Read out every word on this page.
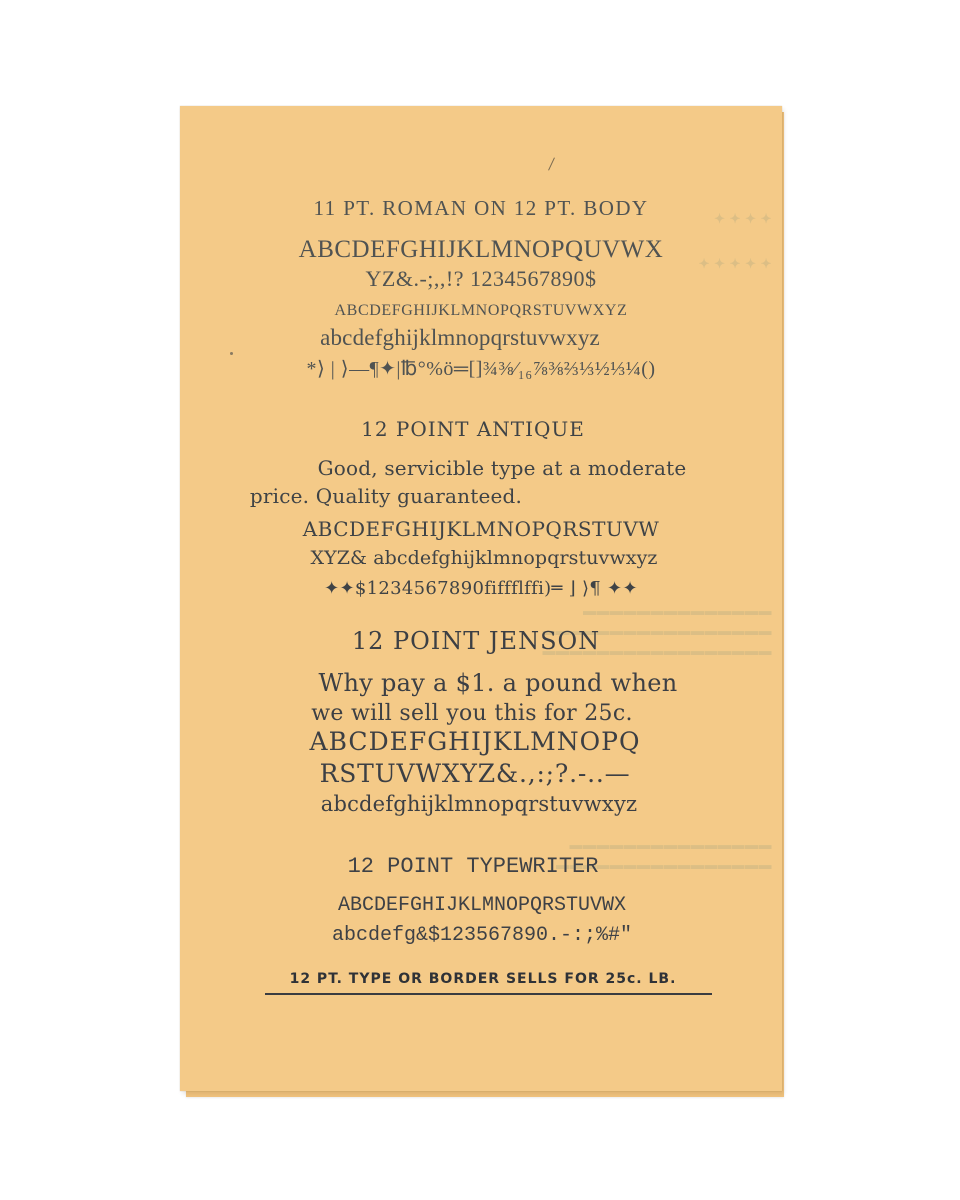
✦ ✦ ✦ ✦
✦ ✦ ✦ ✦ ✦
▬▬▬▬▬▬▬▬▬▬▬▬▬▬
▬▬▬▬▬▬▬▬▬▬▬▬▬▬▬▬▬
▬▬▬▬▬▬▬▬▬▬▬▬▬▬▬▬▬
▬▬▬▬▬▬▬▬▬▬▬▬▬▬▬
▬▬▬▬▬▬▬▬▬▬▬▬▬▬▬▬
11 PT. ROMAN ON 12 PT. BODY
ABCDEFGHIJKLMNOPQUVWX
YZ&.-;,,!? 1234567890$
ABCDEFGHIJKLMNOPQRSTUVWXYZ
abcdefghijklmnopqrstuvwxyz
*⟩ | ⟩—¶✦|℔°%ö═[]¾⅜⁄₁₆⅞⅜⅔⅓½⅓¼()
12 POINT ANTIQUE
Good, servicible type at a moderate
price. Quality guaranteed.
ABCDEFGHIJKLMNOPQRSTUVW
XYZ& abcdefghijklmnopqrstuvwxyz
✦✦$1234567890fiffflffi)═ ⌋ ⟩¶ ✦✦
12 POINT JENSON
Why pay a $1. a pound when
we will sell you this for 25c.
ABCDEFGHIJKLMNOPQ
RSTUVWXYZ&.,:;?.-..—
abcdefghijklmnopqrstuvwxyz
12 POINT TYPEWRITER
ABCDEFGHIJKLMNOPQRSTUVWX
abcdefg&$123567890.-:;%#"
12 PT. TYPE OR BORDER SELLS FOR 25c. LB.
